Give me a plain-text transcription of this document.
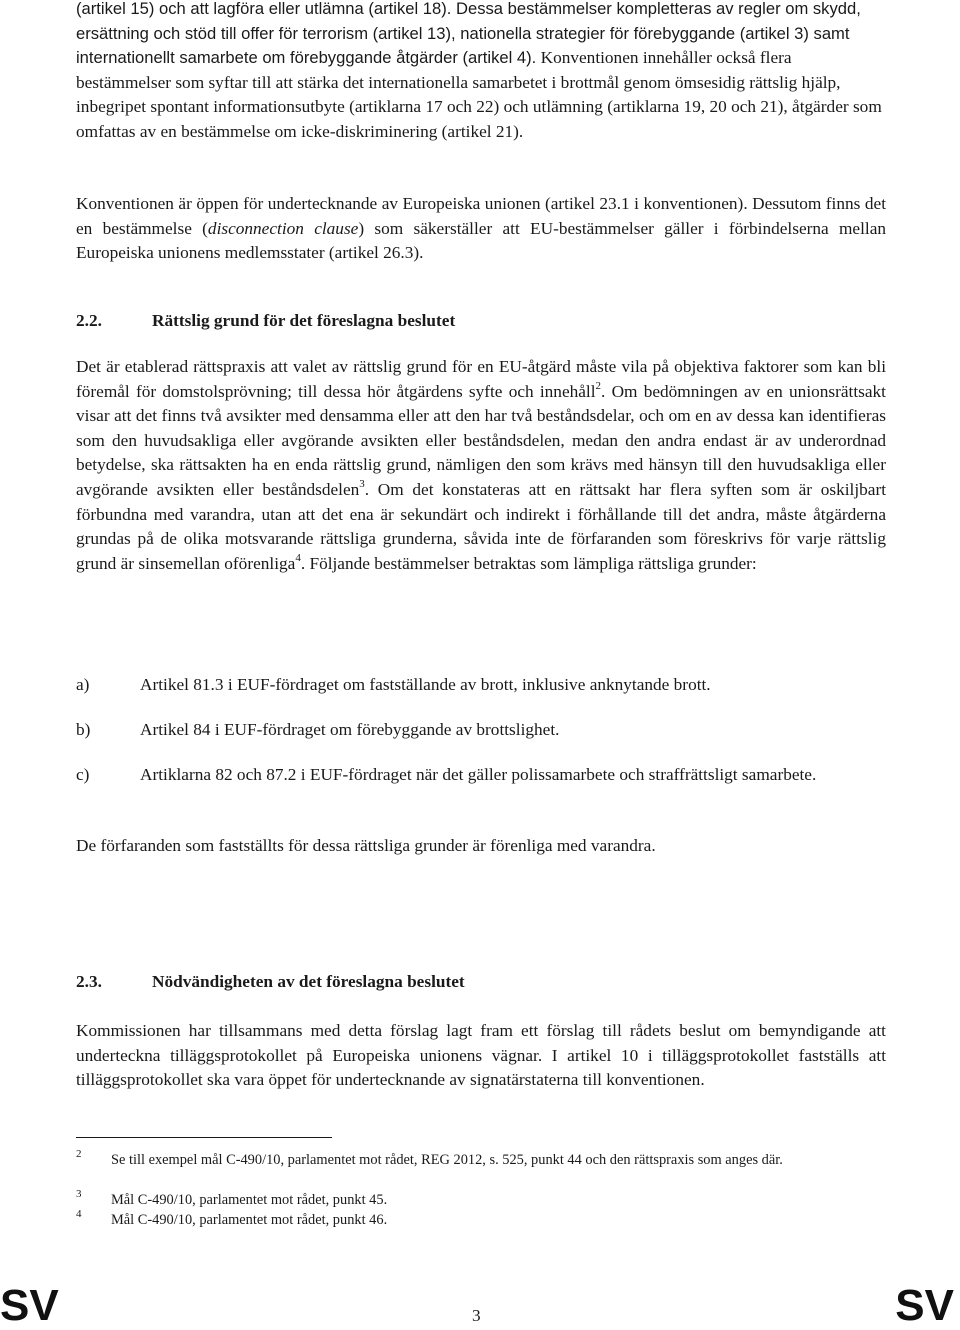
(artikel 15) och att lagföra eller utlämna (artikel 18). Dessa bestämmelser kompletteras av regler om skydd, ersättning och stöd till offer för terrorism (artikel 13), nationella strategier för förebyggande (artikel 3) samt internationellt samarbete om förebyggande åtgärder (artikel 4). Konventionen innehåller också flera bestämmelser som syftar till att stärka det internationella samarbetet i brottmål genom ömsesidig rättslig hjälp, inbegripet spontant informationsutbyte (artiklarna 17 och 22) och utlämning (artiklarna 19, 20 och 21), åtgärder som omfattas av en bestämmelse om icke-diskriminering (artikel 21).

Konventionen är öppen för undertecknande av Europeiska unionen (artikel 23.1 i konventionen). Dessutom finns det en bestämmelse (disconnection clause) som säkerställer att EU-bestämmelser gäller i förbindelserna mellan Europeiska unionens medlemsstater (artikel 26.3).

2.2.	Rättslig grund för det föreslagna beslutet

Det är etablerad rättspraxis att valet av rättslig grund för en EU-åtgärd måste vila på objektiva faktorer som kan bli föremål för domstolsprövning; till dessa hör åtgärdens syfte och innehåll$^2$. Om bedömningen av en unionsrättsakt visar att det finns två avsikter med densamma eller att den har två beståndsdelar, och om en av dessa kan identifieras som den huvudsakliga eller avgörande avsikten eller beståndsdelen, medan den andra endast är av underordnad betydelse, ska rättsakten ha en enda rättslig grund, nämligen den som krävs med hänsyn till den huvudsakliga eller avgörande avsikten eller beståndsdelen$^3$. Om det konstateras att en rättsakt har flera syften som är oskiljbart förbundna med varandra, utan att det ena är sekundärt och indirekt i förhållande till det andra, måste åtgärderna grundas på de olika motsvarande rättsliga grunderna, såvida inte de förfaranden som föreskrivs för varje rättslig grund är sinsemellan oförenliga$^4$. Följande bestämmelser betraktas som lämpliga rättsliga grunder:

a)	Artikel 81.3 i EUF-fördraget om fastställande av brott, inklusive anknytande brott.
b)	Artikel 84 i EUF-fördraget om förebyggande av brottslighet.
c)	Artiklarna 82 och 87.2 i EUF-fördraget när det gäller polissamarbete och straffrättsligt samarbete.

De förfaranden som fastställts för dessa rättsliga grunder är förenliga med varandra.

2.3.	Nödvändigheten av det föreslagna beslutet

Kommissionen har tillsammans med detta förslag lagt fram ett förslag till rådets beslut om bemyndigande att underteckna tilläggsprotokollet på Europeiska unionens vägnar. I artikel 10 i tilläggsprotokollet fastställs att tilläggsprotokollet ska vara öppet för undertecknande av signatärstaterna till konventionen.

2 Se till exempel mål C-490/10, parlamentet mot rådet, REG 2012, s. 525, punkt 44 och den rättspraxis som anges där.
3 Mål C-490/10, parlamentet mot rådet, punkt 45.
4 Mål C-490/10, parlamentet mot rådet, punkt 46.
SV	3	SV
